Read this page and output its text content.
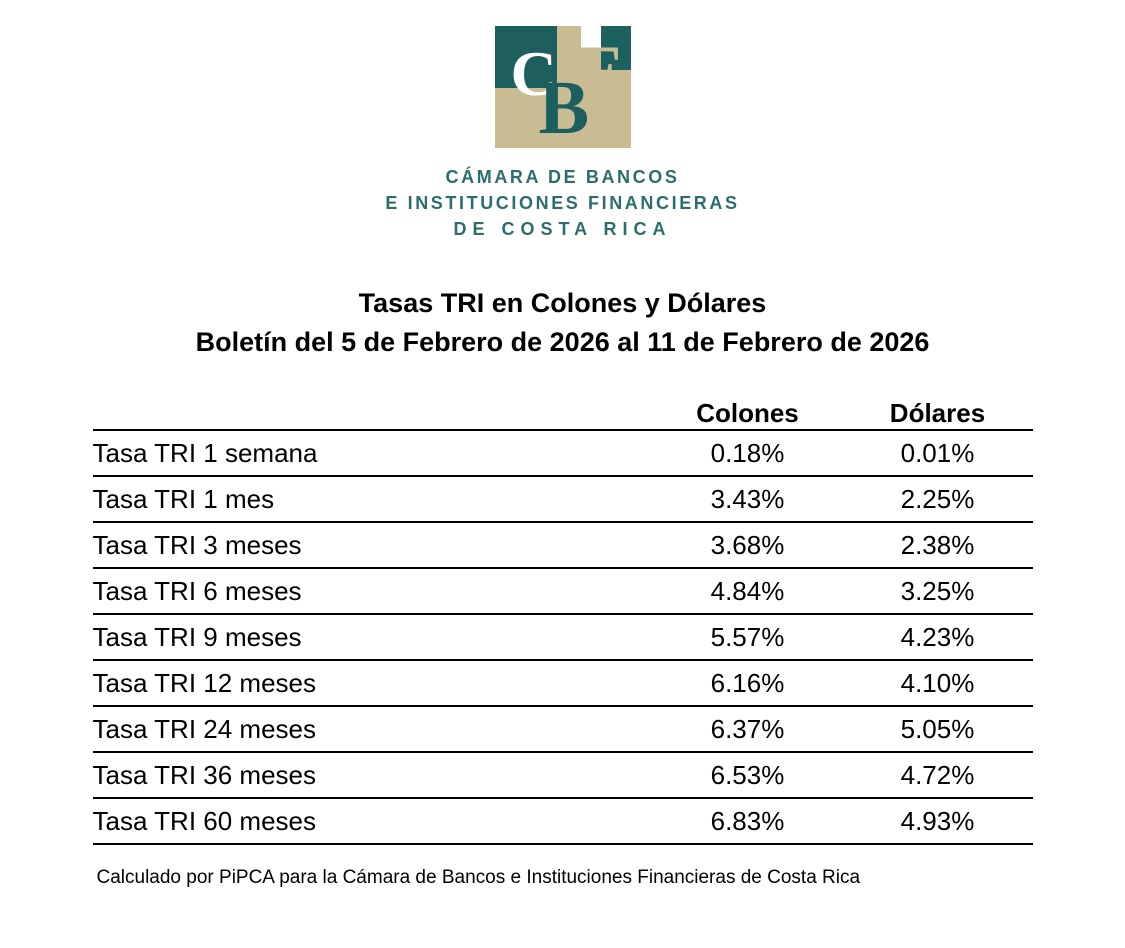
C F
B
CÁMARA DE BANCOS
E INSTITUCIONES FINANCIERAS
DE COSTA RICA
Tasas TRI en Colones y Dólares
Boletín del 5 de Febrero de 2026 al 11 de Febrero de 2026
	Colones	Dólares
Tasa TRI 1 semana	0.18%	0.01%
Tasa TRI 1 mes	3.43%	2.25%
Tasa TRI 3 meses	3.68%	2.38%
Tasa TRI 6 meses	4.84%	3.25%
Tasa TRI 9 meses	5.57%	4.23%
Tasa TRI 12 meses	6.16%	4.10%
Tasa TRI 24 meses	6.37%	5.05%
Tasa TRI 36 meses	6.53%	4.72%
Tasa TRI 60 meses	6.83%	4.93%
Calculado por PiPCA para la Cámara de Bancos e Instituciones Financieras de Costa Rica
